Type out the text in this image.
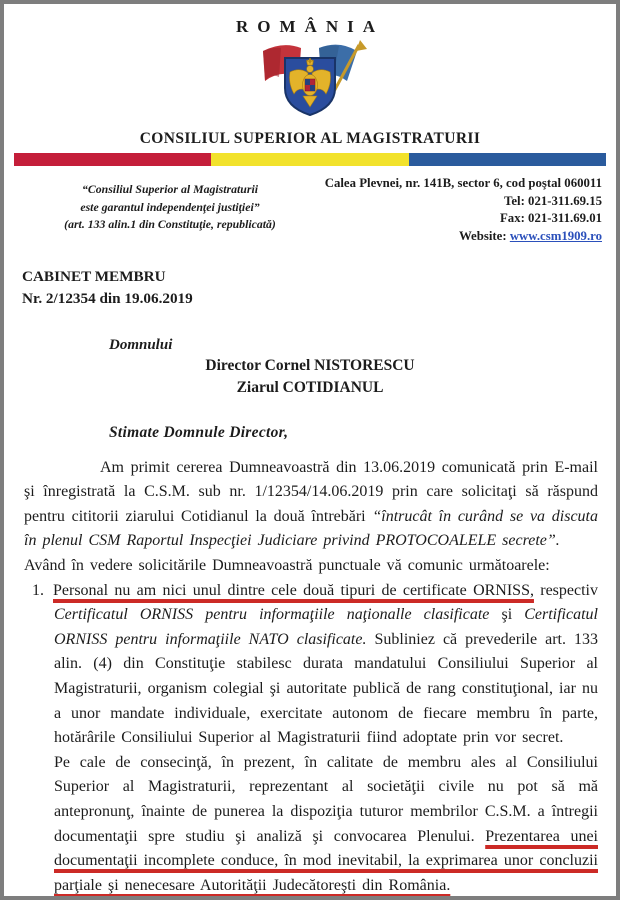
ROMÂNIA
CONSILIUL SUPERIOR AL MAGISTRATURII
“Consiliul Superior al Magistraturii
este garantul independenţei justiţiei”
(art. 133 alin.1 din Constituţie, republicată)
Calea Plevnei, nr. 141B, sector 6, cod poştal 060011
Tel: 021-311.69.15
Fax: 021-311.69.01
Website: www.csm1909.ro
CABINET MEMBRU
Nr. 2/12354 din 19.06.2019
Domnului
Director Cornel NISTORESCU
Ziarul COTIDIANUL
Stimate Domnule Director,
Am primit cererea Dumneavoastră din 13.06.2019 comunicată prin E-mail şi înregistrată la C.S.M. sub nr. 1/12354/14.06.2019 prin care solicitaţi să răspund pentru cititorii ziarului Cotidianul la două întrebări “întrucât în curând se va discuta în plenul CSM Raportul Inspecţiei Judiciare privind PROTOCOALELE secrete”.
Având în vedere solicitările Dumneavoastră punctuale vă comunic următoarele:
1. Personal nu am nici unul dintre cele două tipuri de certificate ORNISS, respectiv Certificatul ORNISS pentru informaţiile naţionalle clasificate şi Certificatul ORNISS pentru informaţiile NATO clasificate. Subliniez că prevederile art. 133 alin. (4) din Constituţie stabilesc durata mandatului Consiliului Superior al Magistraturii, organism colegial şi autoritate publică de rang constituţional, iar nu a unor mandate individuale, exercitate autonom de fiecare membru în parte, hotărârile Consiliului Superior al Magistraturii fiind adoptate prin vor secret.
Pe cale de consecinţă, în prezent, în calitate de membru ales al Consiliului Superior al Magistraturii, reprezentant al societăţii civile nu pot să mă antepronunţ, înainte de punerea la dispoziţia tuturor membrilor C.S.M. a întregii documentaţii spre studiu şi analiză şi convocarea Plenului. Prezentarea unei documentaţii incomplete conduce, în mod inevitabil, la exprimarea unor concluzii parţiale şi nenecesare Autorităţii Judecătoreşti din România.
